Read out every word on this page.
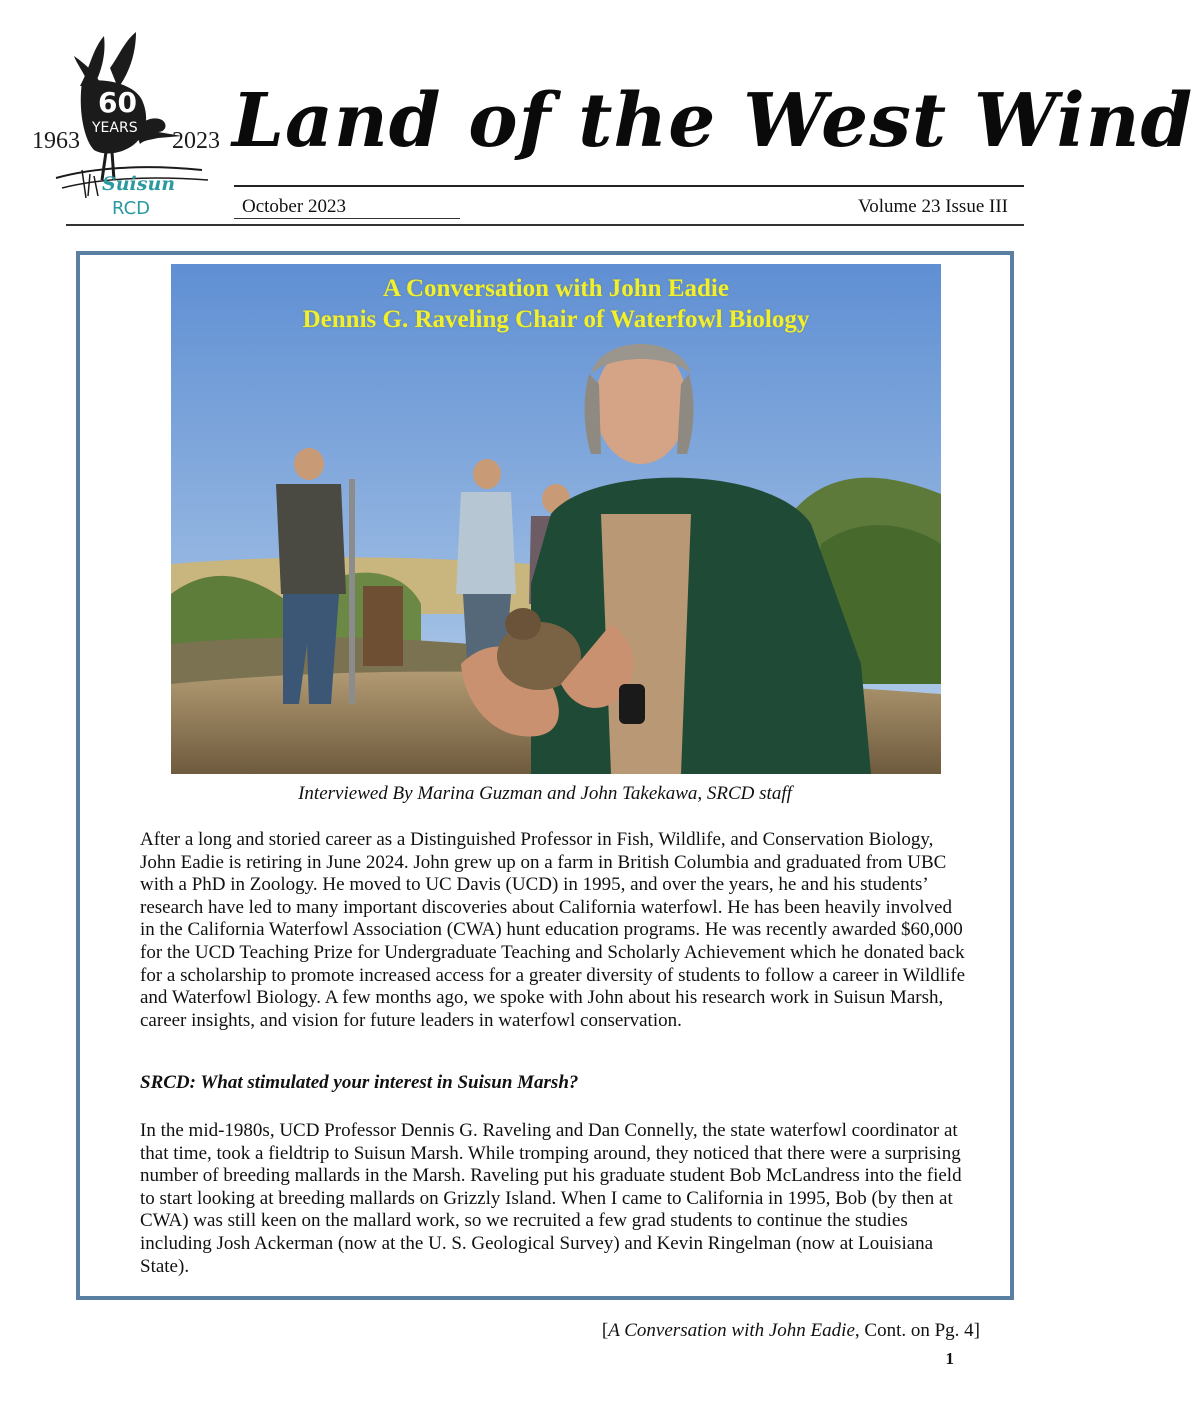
1963	2023
60
YEARS
Suisun
RCD
Land of the West Wind
October 2023	Volume 23 Issue III
A Conversation with John Eadie
Dennis G. Raveling Chair of Waterfowl Biology
Interviewed By Marina Guzman and John Takekawa, SRCD staff

After a long and storied career as a Distinguished Professor in Fish, Wildlife, and Conservation Biology, John Eadie is retiring in June 2024. John grew up on a farm in British Columbia and graduated from UBC with a PhD in Zoology. He moved to UC Davis (UCD) in 1995, and over the years, he and his students’ research have led to many important discoveries about California waterfowl. He has been heavily involved in the California Waterfowl Association (CWA) hunt education programs. He was recently awarded $60,000 for the UCD Teaching Prize for Undergraduate Teaching and Scholarly Achievement which he donated back for a scholarship to promote increased access for a greater diversity of students to follow a career in Wildlife and Waterfowl Biology. A few months ago, we spoke with John about his research work in Suisun Marsh, career insights, and vision for future leaders in waterfowl conservation.

SRCD: What stimulated your interest in Suisun Marsh?

In the mid-1980s, UCD Professor Dennis G. Raveling and Dan Connelly, the state waterfowl coordinator at that time, took a fieldtrip to Suisun Marsh. While tromping around, they noticed that there were a surprising number of breeding mallards in the Marsh. Raveling put his graduate student Bob McLandress into the field to start looking at breeding mallards on Grizzly Island. When I came to California in 1995, Bob (by then at CWA) was still keen on the mallard work, so we recruited a few grad students to continue the studies including Josh Ackerman (now at the U. S. Geological Survey) and Kevin Ringelman (now at Louisiana State).

[A Conversation with John Eadie, Cont. on Pg. 4]
1
